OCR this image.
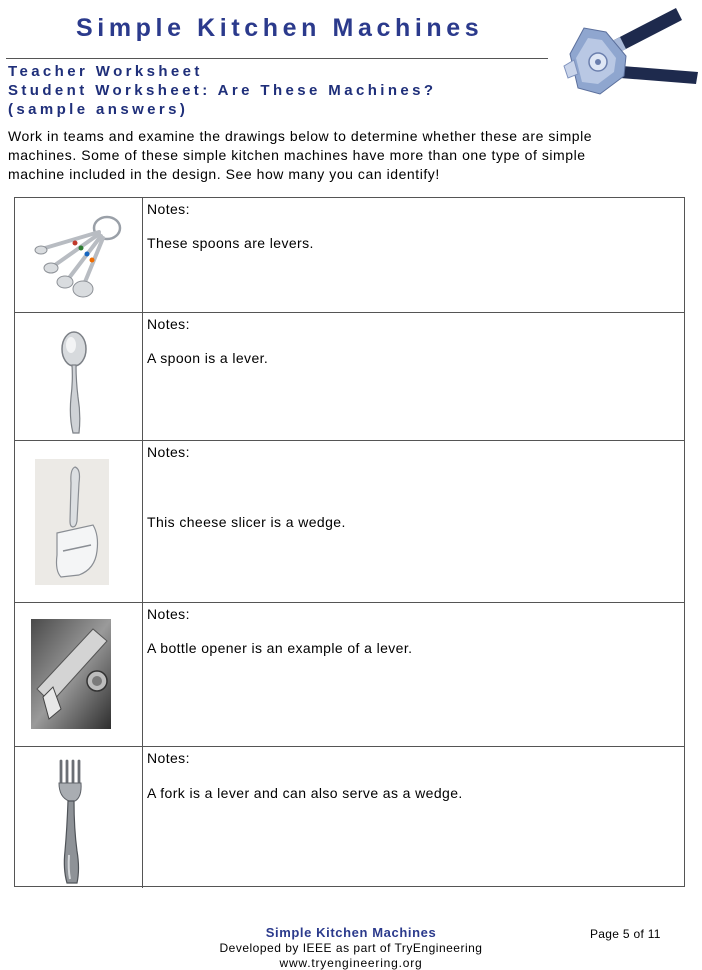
Simple Kitchen Machines
Teacher Worksheet
Student Worksheet: Are These Machines?
(sample answers)
Work in teams and examine the drawings below to determine whether these are simple
machines. Some of these simple kitchen machines have more than one type of simple
machine included in the design. See how many you can identify!
Notes:
These spoons are levers.
Notes:
A spoon is a lever.
Notes:
This cheese slicer is a wedge.
Notes:
A bottle opener is an example of a lever.
Notes:
A fork is a lever and can also serve as a wedge.
Simple Kitchen Machines	Page 5 of 11
Developed by IEEE as part of TryEngineering
www.tryengineering.org
